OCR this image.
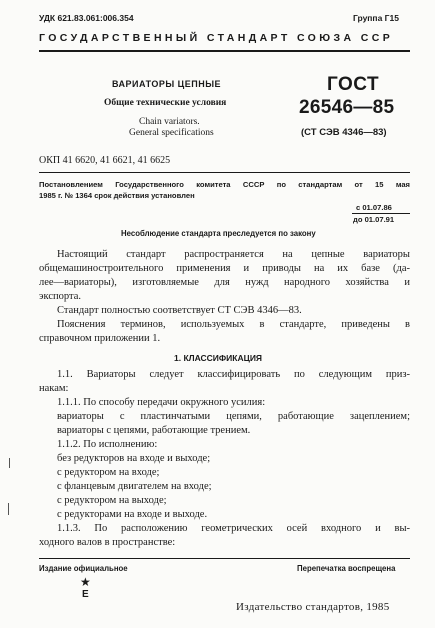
УДК 621.83.061:006.354	Группа Г15
ГОСУДАРСТВЕННЫЙ СТАНДАРТ СОЮЗА ССР
ВАРИАТОРЫ ЦЕПНЫЕ
Общие технические условия
Chain variators.
General specifications
ГОСТ
26546—85
(СТ СЭВ 4346—83)
ОКП 41 6620, 41 6621, 41 6625
Постановлением Государственного комитета СССР по стандартам от 15 мая
1985 г. № 1364 срок действия установлен
с 01.07.86
до 01.07.91
Несоблюдение стандарта преследуется по закону
Настоящий стандарт распространяется на цепные вариаторы
общемашиностроительного применения и приводы на их базе (да-
лее—вариаторы), изготовляемые для нужд народного хозяйства и
экспорта.
Стандарт полностью соответствует СТ СЭВ 4346—83.
Пояснения терминов, используемых в стандарте, приведены в
справочном приложении 1.
1. КЛАССИФИКАЦИЯ
1.1. Вариаторы следует классифицировать по следующим приз-
накам:
1.1.1. По способу передачи окружного усилия:
вариаторы с пластинчатыми цепями, работающие зацеплением;
вариаторы с цепями, работающие трением.
1.1.2. По исполнению:
без редукторов на входе и выходе;
с редуктором на входе;
с фланцевым двигателем на входе;
с редуктором на выходе;
с редукторами на входе и выходе.
1.1.3. По расположению геометрических осей входного и вы-
ходного валов в пространстве:
Издание официальное	Перепечатка воспрещена
★
Е
Издательство стандартов, 1985
